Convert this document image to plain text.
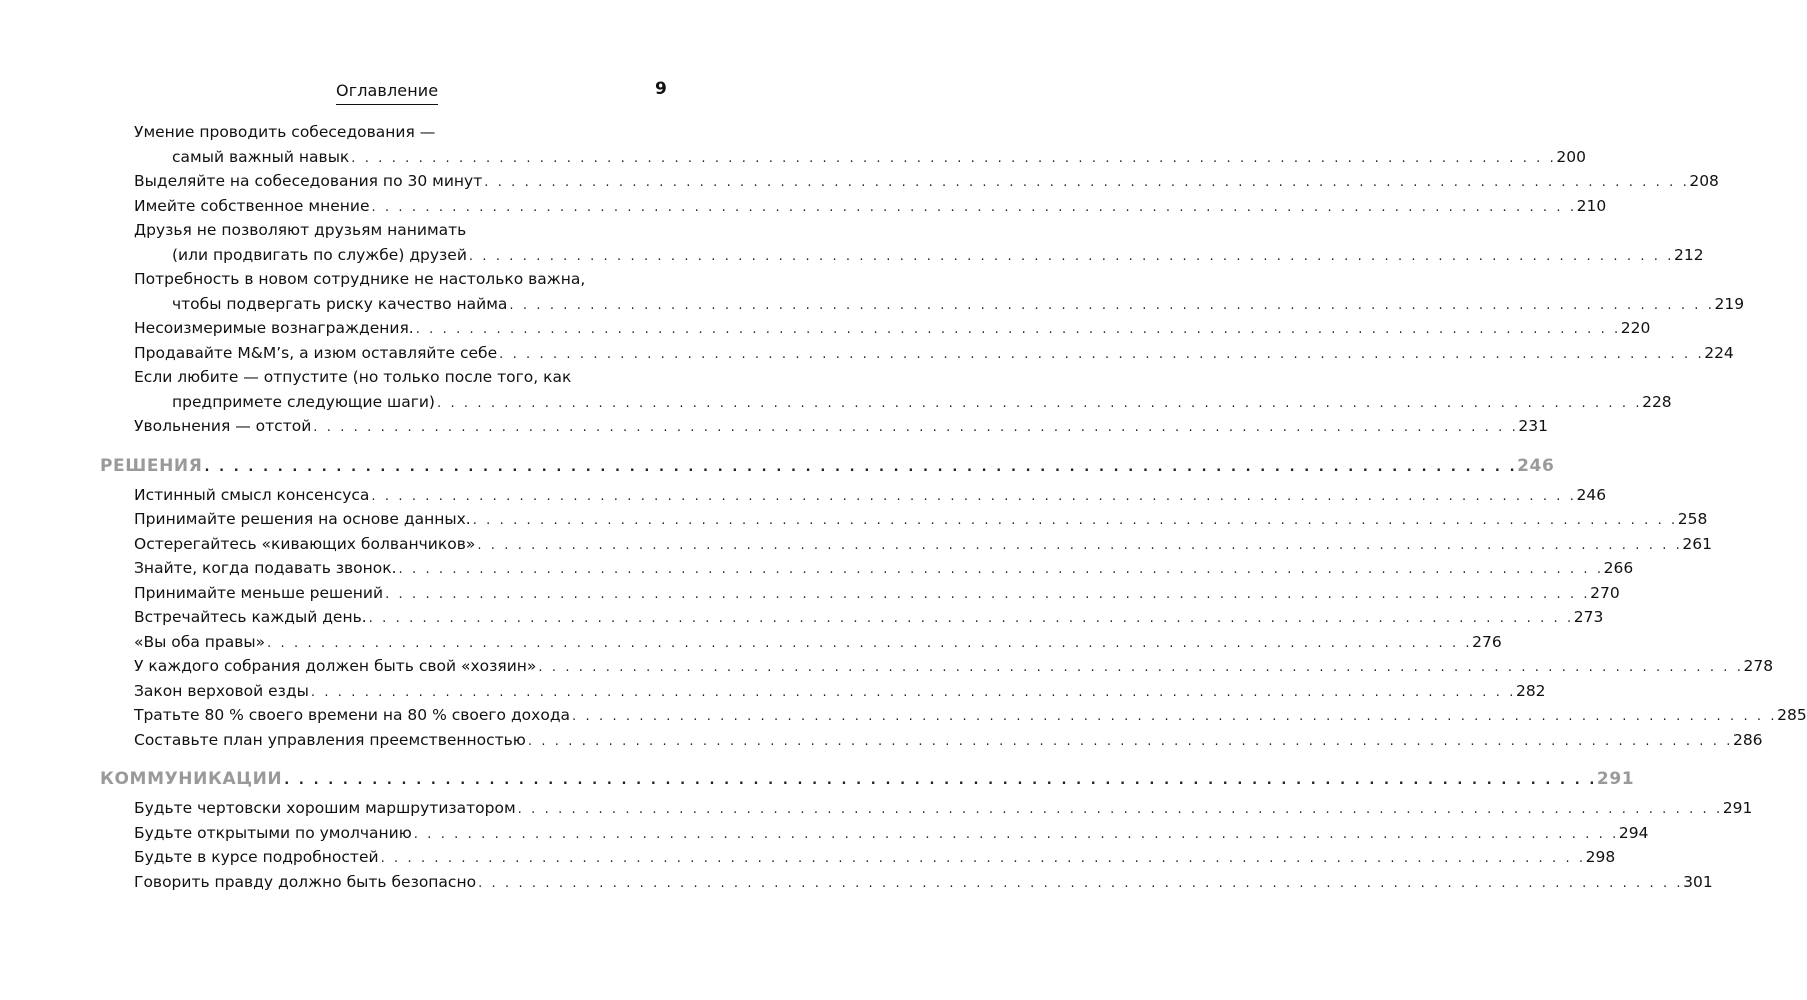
Оглавление	9
Умение проводить собеседования —
самый важный навык . . . . . . . . . . . . . . . . . . . . . . . . . . . . . . . . . . . . . . . . . . . . . . . . . . . . . . . . . . . . . . . . . . . . . . . . . . . . . . . . . . . . . . . . . . 200
Выделяйте на собеседования по 30 минут . . . . . . . . . . . . . . . . . . . . . . . . . . . . . . . . . . . . . . . . . . . . . . . . . . . . . . . . . . . . . . . . . . . . . . . . . . . . . . . . . . . . . . . . . . 208
Имейте собственное мнение . . . . . . . . . . . . . . . . . . . . . . . . . . . . . . . . . . . . . . . . . . . . . . . . . . . . . . . . . . . . . . . . . . . . . . . . . . . . . . . . . . . . . . . . . . 210
Друзья не позволяют друзьям нанимать
(или продвигать по службе) друзей . . . . . . . . . . . . . . . . . . . . . . . . . . . . . . . . . . . . . . . . . . . . . . . . . . . . . . . . . . . . . . . . . . . . . . . . . . . . . . . . . . . . . . . . . . 212
Потребность в новом сотруднике не настолько важна,
чтобы подвергать риску качество найма . . . . . . . . . . . . . . . . . . . . . . . . . . . . . . . . . . . . . . . . . . . . . . . . . . . . . . . . . . . . . . . . . . . . . . . . . . . . . . . . . . . . . . . . . . 219
Несоизмеримые вознаграждения. . . . . . . . . . . . . . . . . . . . . . . . . . . . . . . . . . . . . . . . . . . . . . . . . . . . . . . . . . . . . . . . . . . . . . . . . . . . . . . . . . . . . . . . . . . 220
Продавайте M&M’s, а изюм оставляйте себе . . . . . . . . . . . . . . . . . . . . . . . . . . . . . . . . . . . . . . . . . . . . . . . . . . . . . . . . . . . . . . . . . . . . . . . . . . . . . . . . . . . . . . . . . . 224
Если любите — отпустите (но только после того, как
предпримете следующие шаги) . . . . . . . . . . . . . . . . . . . . . . . . . . . . . . . . . . . . . . . . . . . . . . . . . . . . . . . . . . . . . . . . . . . . . . . . . . . . . . . . . . . . . . . . . . 228
Увольнения — отстой . . . . . . . . . . . . . . . . . . . . . . . . . . . . . . . . . . . . . . . . . . . . . . . . . . . . . . . . . . . . . . . . . . . . . . . . . . . . . . . . . . . . . . . . . . 231
РЕШЕНИЯ . . . . . . . . . . . . . . . . . . . . . . . . . . . . . . . . . . . . . . . . . . . . . . . . . . . . . . . . . . . . . . . . . . . . . . . . . . . . . . . . . . . . . . . . . . 246
Истинный смысл консенсуса . . . . . . . . . . . . . . . . . . . . . . . . . . . . . . . . . . . . . . . . . . . . . . . . . . . . . . . . . . . . . . . . . . . . . . . . . . . . . . . . . . . . . . . . . . 246
Принимайте решения на основе данных. . . . . . . . . . . . . . . . . . . . . . . . . . . . . . . . . . . . . . . . . . . . . . . . . . . . . . . . . . . . . . . . . . . . . . . . . . . . . . . . . . . . . . . . . . . 258
Остерегайтесь «кивающих болванчиков» . . . . . . . . . . . . . . . . . . . . . . . . . . . . . . . . . . . . . . . . . . . . . . . . . . . . . . . . . . . . . . . . . . . . . . . . . . . . . . . . . . . . . . . . . . 261
Знайте, когда подавать звонок. . . . . . . . . . . . . . . . . . . . . . . . . . . . . . . . . . . . . . . . . . . . . . . . . . . . . . . . . . . . . . . . . . . . . . . . . . . . . . . . . . . . . . . . . . . 266
Принимайте меньше решений . . . . . . . . . . . . . . . . . . . . . . . . . . . . . . . . . . . . . . . . . . . . . . . . . . . . . . . . . . . . . . . . . . . . . . . . . . . . . . . . . . . . . . . . . . 270
Встречайтесь каждый день. . . . . . . . . . . . . . . . . . . . . . . . . . . . . . . . . . . . . . . . . . . . . . . . . . . . . . . . . . . . . . . . . . . . . . . . . . . . . . . . . . . . . . . . . . . 273
«Вы оба правы» . . . . . . . . . . . . . . . . . . . . . . . . . . . . . . . . . . . . . . . . . . . . . . . . . . . . . . . . . . . . . . . . . . . . . . . . . . . . . . . . . . . . . . . . . . 276
У каждого собрания должен быть свой «хозяин» . . . . . . . . . . . . . . . . . . . . . . . . . . . . . . . . . . . . . . . . . . . . . . . . . . . . . . . . . . . . . . . . . . . . . . . . . . . . . . . . . . . . . . . . . . 278
Закон верховой езды . . . . . . . . . . . . . . . . . . . . . . . . . . . . . . . . . . . . . . . . . . . . . . . . . . . . . . . . . . . . . . . . . . . . . . . . . . . . . . . . . . . . . . . . . . 282
Тратьте 80 % своего времени на 80 % своего дохода . . . . . . . . . . . . . . . . . . . . . . . . . . . . . . . . . . . . . . . . . . . . . . . . . . . . . . . . . . . . . . . . . . . . . . . . . . . . . . . . . . . . . . . . . . 285
Составьте план управления преемственностью . . . . . . . . . . . . . . . . . . . . . . . . . . . . . . . . . . . . . . . . . . . . . . . . . . . . . . . . . . . . . . . . . . . . . . . . . . . . . . . . . . . . . . . . . . 286
КОММУНИКАЦИИ . . . . . . . . . . . . . . . . . . . . . . . . . . . . . . . . . . . . . . . . . . . . . . . . . . . . . . . . . . . . . . . . . . . . . . . . . . . . . . . . . . . . . . . . . . 291
Будьте чертовски хорошим маршрутизатором . . . . . . . . . . . . . . . . . . . . . . . . . . . . . . . . . . . . . . . . . . . . . . . . . . . . . . . . . . . . . . . . . . . . . . . . . . . . . . . . . . . . . . . . . . 291
Будьте открытыми по умолчанию . . . . . . . . . . . . . . . . . . . . . . . . . . . . . . . . . . . . . . . . . . . . . . . . . . . . . . . . . . . . . . . . . . . . . . . . . . . . . . . . . . . . . . . . . . 294
Будьте в курсе подробностей . . . . . . . . . . . . . . . . . . . . . . . . . . . . . . . . . . . . . . . . . . . . . . . . . . . . . . . . . . . . . . . . . . . . . . . . . . . . . . . . . . . . . . . . . . 298
Говорить правду должно быть безопасно . . . . . . . . . . . . . . . . . . . . . . . . . . . . . . . . . . . . . . . . . . . . . . . . . . . . . . . . . . . . . . . . . . . . . . . . . . . . . . . . . . . . . . . . . . 301
